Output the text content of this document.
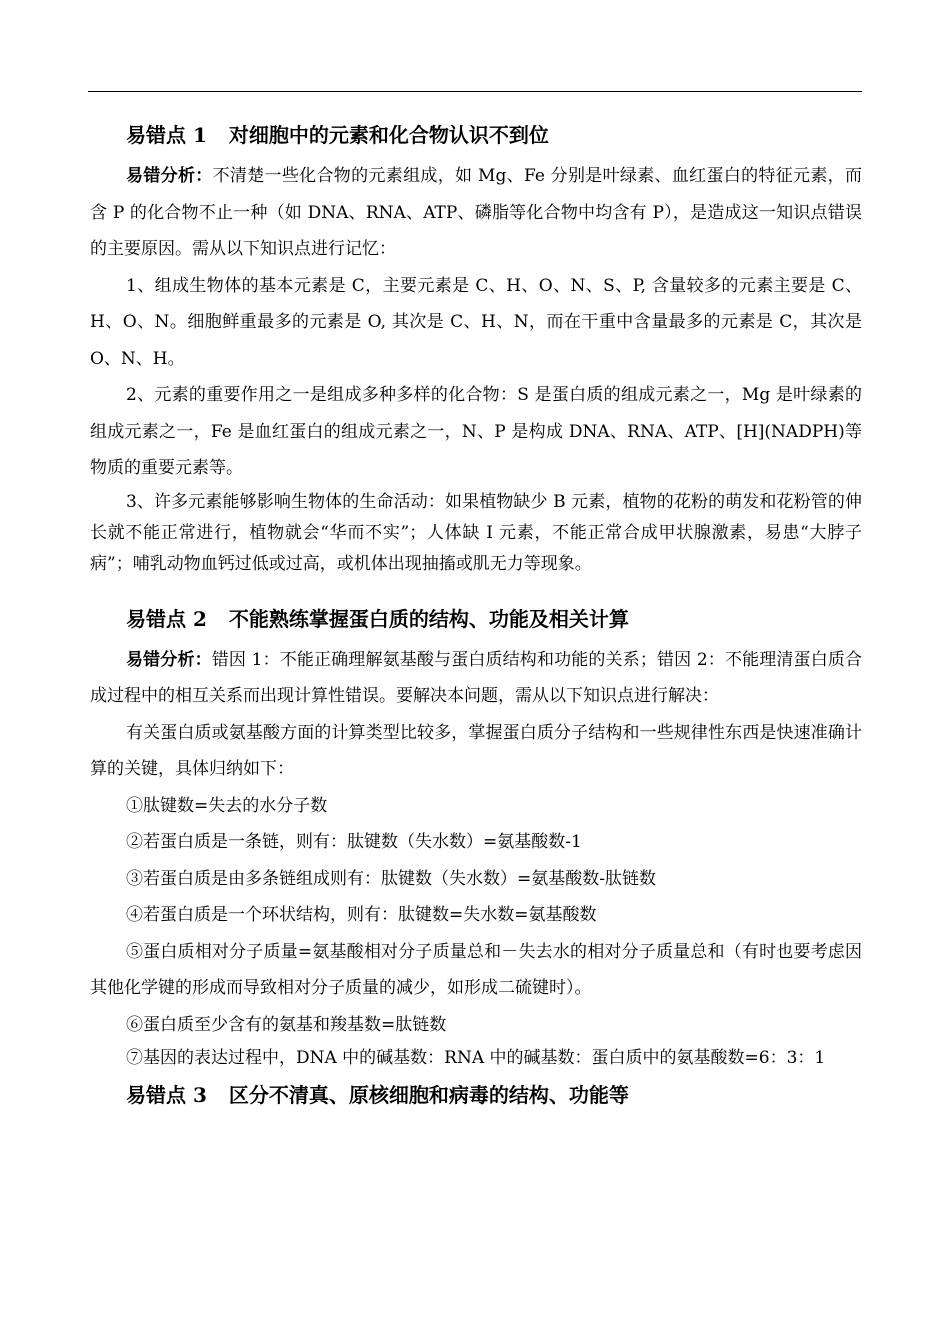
易错点 1 对细胞中的元素和化合物认识不到位

易错分析：不清楚一些化合物的元素组成，如 Mg、Fe 分别是叶绿素、血红蛋白的特征元素，而含 P 的化合物不止一种（如 DNA、RNA、ATP、磷脂等化合物中均含有 P），是造成这一知识点错误的主要原因。需从以下知识点进行记忆：

1、组成生物体的基本元素是 C，主要元素是 C、H、O、N、S、P, 含量较多的元素主要是 C、H、O、N。细胞鲜重最多的元素是 O, 其次是 C、H、N，而在干重中含量最多的元素是 C，其次是 O、N、H。

2、元素的重要作用之一是组成多种多样的化合物：S 是蛋白质的组成元素之一，Mg 是叶绿素的组成元素之一，Fe 是血红蛋白的组成元素之一，N、P 是构成 DNA、RNA、ATP、[H](NADPH)等物质的重要元素等。

3、许多元素能够影响生物体的生命活动：如果植物缺少 B 元素，植物的花粉的萌发和花粉管的伸长就不能正常进行，植物就会“华而不实”；人体缺 I 元素，不能正常合成甲状腺激素，易患“大脖子病”；哺乳动物血钙过低或过高，或机体出现抽搐或肌无力等现象。

易错点 2 不能熟练掌握蛋白质的结构、功能及相关计算

易错分析：错因 1：不能正确理解氨基酸与蛋白质结构和功能的关系；错因 2：不能理清蛋白质合成过程中的相互关系而出现计算性错误。要解决本问题，需从以下知识点进行解决：

有关蛋白质或氨基酸方面的计算类型比较多，掌握蛋白质分子结构和一些规律性东西是快速准确计算的关键，具体归纳如下：

①肽键数=失去的水分子数

②若蛋白质是一条链，则有：肽键数（失水数）=氨基酸数-1

③若蛋白质是由多条链组成则有：肽键数（失水数）=氨基酸数-肽链数

④若蛋白质是一个环状结构，则有：肽键数=失水数=氨基酸数

⑤蛋白质相对分子质量=氨基酸相对分子质量总和－失去水的相对分子质量总和（有时也要考虑因其他化学键的形成而导致相对分子质量的减少，如形成二硫键时）。

⑥蛋白质至少含有的氨基和羧基数=肽链数

⑦基因的表达过程中，DNA 中的碱基数：RNA 中的碱基数：蛋白质中的氨基酸数=6：3：1

易错点 3 区分不清真、原核细胞和病毒的结构、功能等
